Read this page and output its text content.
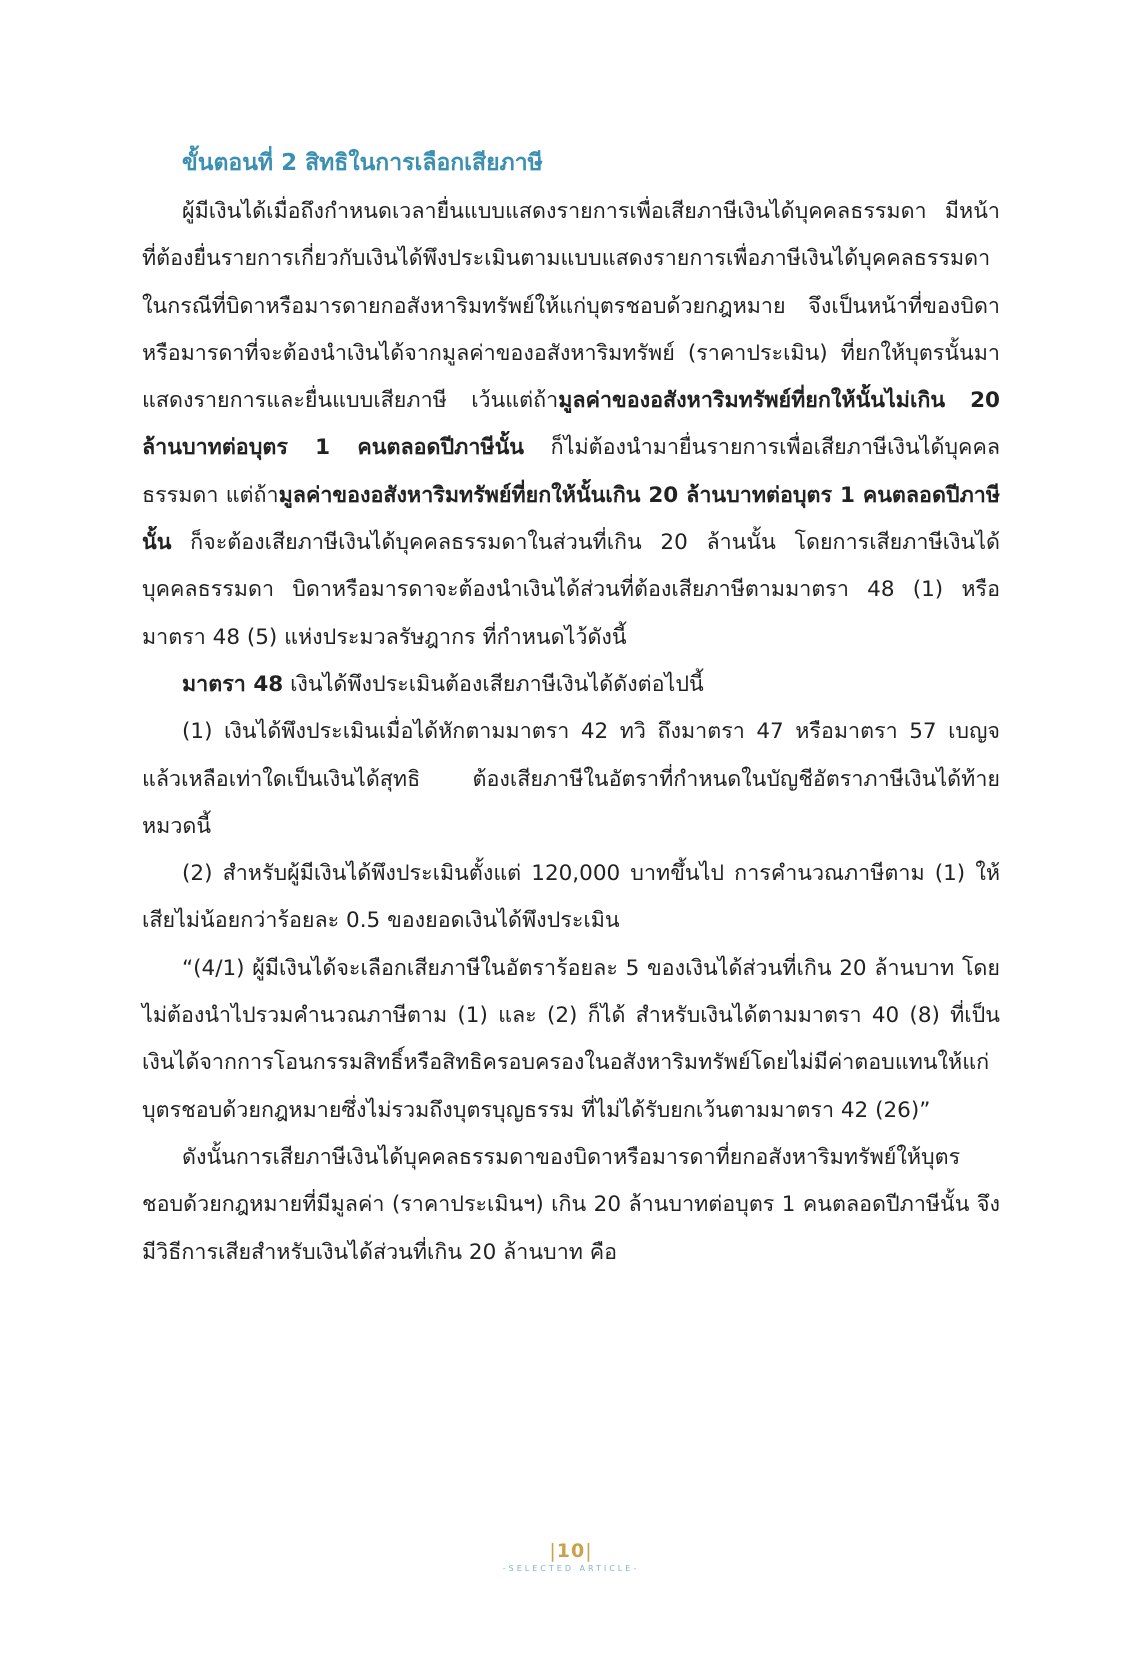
ขั้นตอนที่ 2 สิทธิในการเลือกเสียภาษี

ผู้มีเงินได้เมื่อถึงกำหนดเวลายื่นแบบแสดงรายการเพื่อเสียภาษีเงินได้บุคคลธรรมดา มีหน้าที่ต้องยื่นรายการเกี่ยวกับเงินได้พึงประเมินตามแบบแสดงรายการเพื่อภาษีเงินได้บุคคลธรรมดา ในกรณีที่บิดาหรือมารดายกอสังหาริมทรัพย์ให้แก่บุตรชอบด้วยกฎหมาย จึงเป็นหน้าที่ของบิดาหรือมารดาที่จะต้องนำเงินได้จากมูลค่าของอสังหาริมทรัพย์ (ราคาประเมิน) ที่ยกให้บุตรนั้นมาแสดงรายการและยื่นแบบเสียภาษี เว้นแต่ถ้ามูลค่าของอสังหาริมทรัพย์ที่ยกให้นั้นไม่เกิน 20 ล้านบาทต่อบุตร 1 คนตลอดปีภาษีนั้น ก็ไม่ต้องนำมายื่นรายการเพื่อเสียภาษีเงินได้บุคคลธรรมดา แต่ถ้ามูลค่าของอสังหาริมทรัพย์ที่ยกให้นั้นเกิน 20 ล้านบาทต่อบุตร 1 คนตลอดปีภาษีนั้น ก็จะต้องเสียภาษีเงินได้บุคคลธรรมดาในส่วนที่เกิน 20 ล้านนั้น โดยการเสียภาษีเงินได้บุคคลธรรมดา บิดาหรือมารดาจะต้องนำเงินได้ส่วนที่ต้องเสียภาษีตามมาตรา 48 (1) หรือมาตรา 48 (5) แห่งประมวลรัษฎากร ที่กำหนดไว้ดังนี้

มาตรา 48 เงินได้พึงประเมินต้องเสียภาษีเงินได้ดังต่อไปนี้

(1) เงินได้พึงประเมินเมื่อได้หักตามมาตรา 42 ทวิ ถึงมาตรา 47 หรือมาตรา 57 เบญจ แล้วเหลือเท่าใดเป็นเงินได้สุทธิ ต้องเสียภาษีในอัตราที่กำหนดในบัญชีอัตราภาษีเงินได้ท้ายหมวดนี้

(2) สำหรับผู้มีเงินได้พึงประเมินตั้งแต่ 120,000 บาทขึ้นไป การคำนวณภาษีตาม (1) ให้เสียไม่น้อยกว่าร้อยละ 0.5 ของยอดเงินได้พึงประเมิน

“(4/1) ผู้มีเงินได้จะเลือกเสียภาษีในอัตราร้อยละ 5 ของเงินได้ส่วนที่เกิน 20 ล้านบาท โดยไม่ต้องนำไปรวมคำนวณภาษีตาม (1) และ (2) ก็ได้ สำหรับเงินได้ตามมาตรา 40 (8) ที่เป็นเงินได้จากการโอนกรรมสิทธิ์หรือสิทธิครอบครองในอสังหาริมทรัพย์โดยไม่มีค่าตอบแทนให้แก่บุตรชอบด้วยกฎหมายซึ่งไม่รวมถึงบุตรบุญธรรม ที่ไม่ได้รับยกเว้นตามมาตรา 42 (26)”

ดังนั้นการเสียภาษีเงินได้บุคคลธรรมดาของบิดาหรือมารดาที่ยกอสังหาริมทรัพย์ให้บุตรชอบด้วยกฎหมายที่มีมูลค่า (ราคาประเมินฯ) เกิน 20 ล้านบาทต่อบุตร 1 คนตลอดปีภาษีนั้น จึงมีวิธีการเสียสำหรับเงินได้ส่วนที่เกิน 20 ล้านบาท คือ

|10|
-SELECTED ARTICLE-
